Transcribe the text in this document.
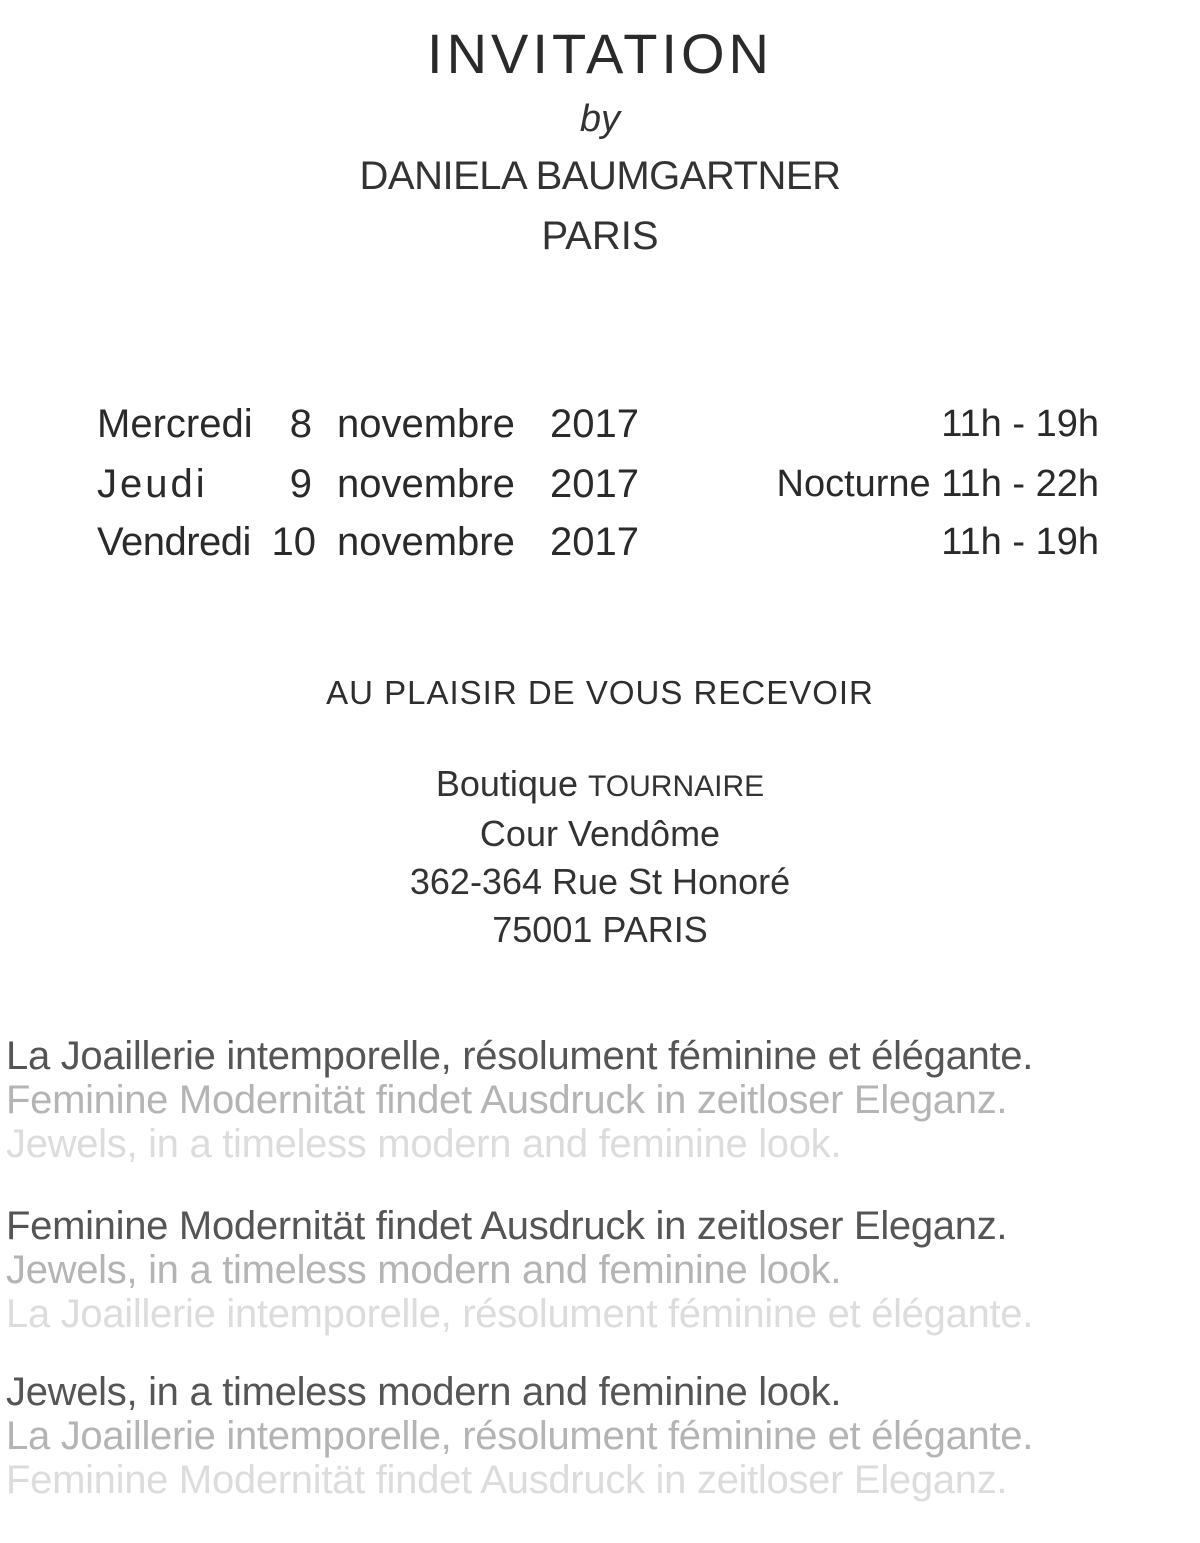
INVITATION
by
DANIELA BAUMGARTNER
PARIS
Mercredi 8 novembre 2017	11h - 19h
Jeudi	9 novembre 2017	Nocturne 11h - 22h
Vendredi 10 novembre 2017	11h - 19h
AU PLAISIR DE VOUS RECEVOIR
Boutique TOURNAIRE
Cour Vendôme
362-364 Rue St Honoré
75001 PARIS
La Joaillerie intemporelle, résolument féminine et élégante.
Feminine Modernität findet Ausdruck in zeitloser Eleganz.
Jewels, in a timeless modern and feminine look.
Feminine Modernität findet Ausdruck in zeitloser Eleganz.
Jewels, in a timeless modern and feminine look.
La Joaillerie intemporelle, résolument féminine et élégante.
Jewels, in a timeless modern and feminine look.
La Joaillerie intemporelle, résolument féminine et élégante.
Feminine Modernität findet Ausdruck in zeitloser Eleganz.
